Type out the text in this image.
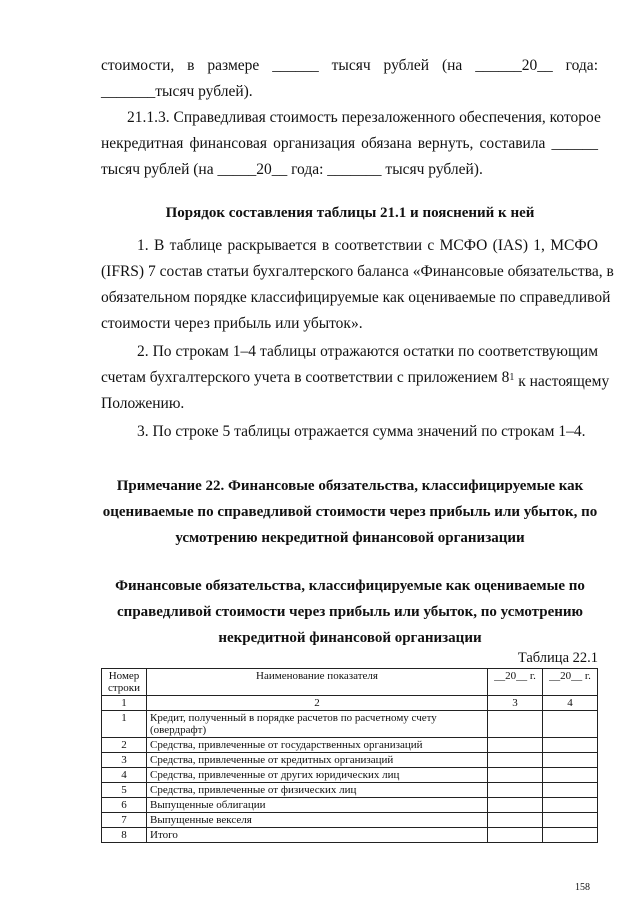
стоимости, в размере ______ тысяч рублей (на ______20__ года:
_______тысяч рублей).
21.1.3. Справедливая стоимость перезаложенного обеспечения, которое
некредитная финансовая организация обязана вернуть, составила ______
тысяч рублей (на _____20__ года: _______ тысяч рублей).
Порядок составления таблицы 21.1 и пояснений к ней
1. В таблице раскрывается в соответствии с МСФО (IAS) 1, МСФО
(IFRS) 7 состав статьи бухгалтерского баланса «Финансовые обязательства, в
обязательном порядке классифицируемые как оцениваемые по справедливой
стоимости через прибыль или убыток».
2. По строкам 1–4 таблицы отражаются остатки по соответствующим
счетам бухгалтерского учета в соответствии с приложением 8 $^1$ к настоящему
Положению.
3. По строке 5 таблицы отражается сумма значений по строкам 1–4.
Примечание 22. Финансовые обязательства, классифицируемые как
оцениваемые по справедливой стоимости через прибыль или убыток, по
усмотрению некредитной финансовой организации
Финансовые обязательства, классифицируемые как оцениваемые по
справедливой стоимости через прибыль или убыток, по усмотрению
некредитной финансовой организации
Таблица 22.1
Номер строки	Наименование показателя	__20__ г.	__20__ г.
1	2	3	4
1	Кредит, полученный в порядке расчетов по расчетному счету (овердрафт)		
2	Средства, привлеченные от государственных организаций		
3	Средства, привлеченные от кредитных организаций		
4	Средства, привлеченные от других юридических лиц		
5	Средства, привлеченные от физических лиц		
6	Выпущенные облигации		
7	Выпущенные векселя		
8	Итого		
158
